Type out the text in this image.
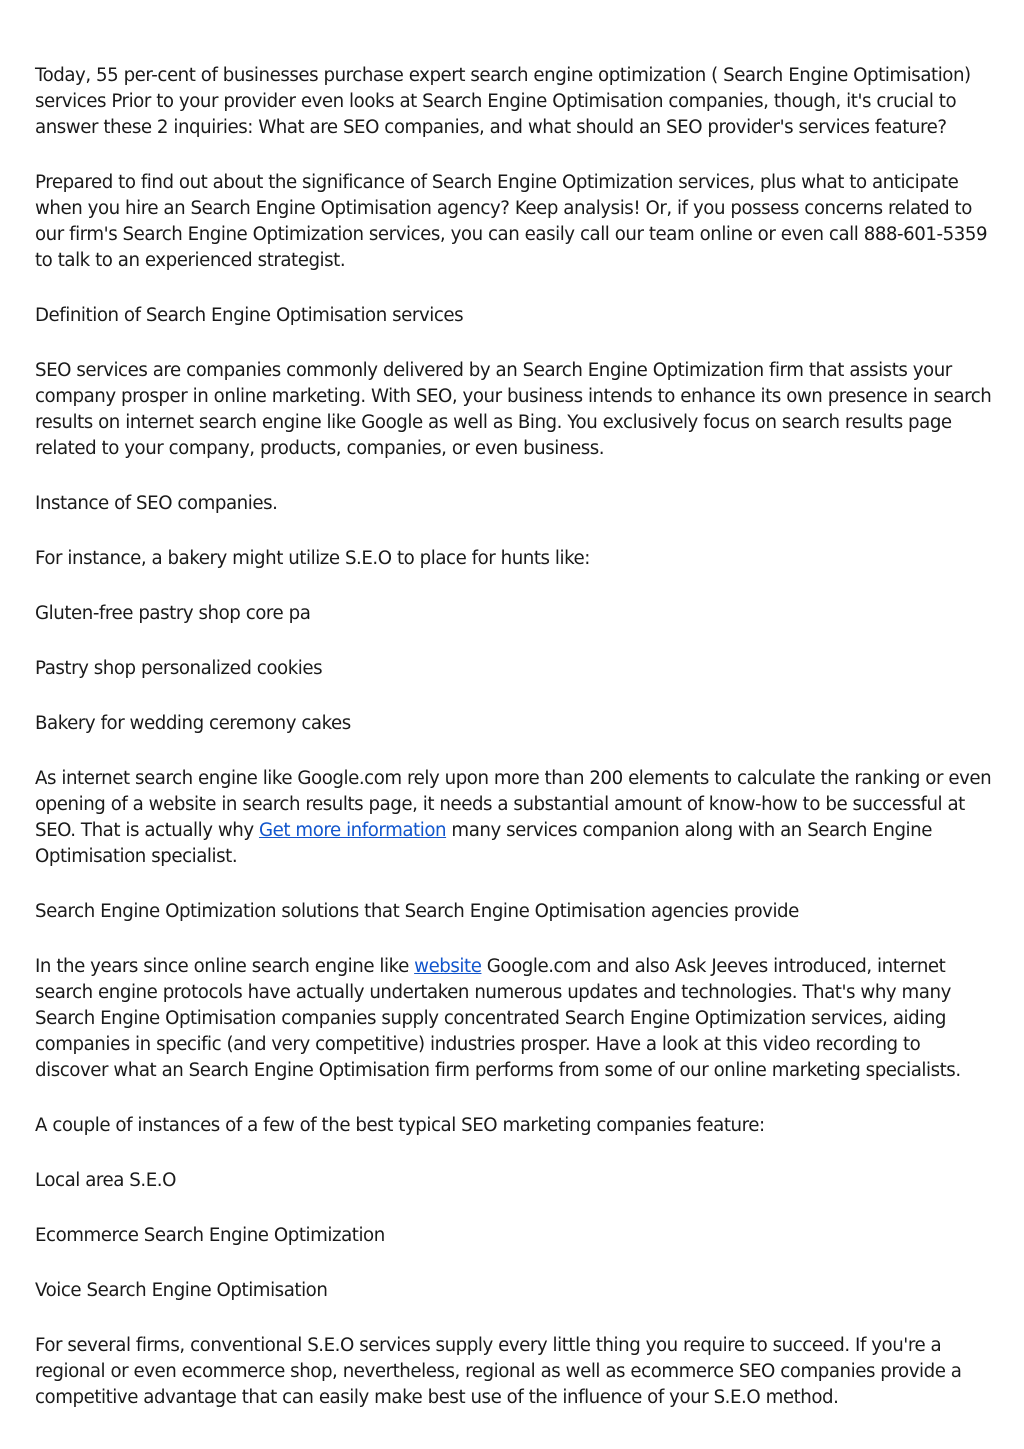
Today, 55 per-cent of businesses purchase expert search engine optimization ( Search Engine Optimisation) services Prior to your provider even looks at Search Engine Optimisation companies, though, it's crucial to answer these 2 inquiries: What are SEO companies, and what should an SEO provider's services feature?

Prepared to find out about the significance of Search Engine Optimization services, plus what to anticipate when you hire an Search Engine Optimisation agency? Keep analysis! Or, if you possess concerns related to our firm's Search Engine Optimization services, you can easily call our team online or even call 888-601-5359 to talk to an experienced strategist.

Definition of Search Engine Optimisation services

SEO services are companies commonly delivered by an Search Engine Optimization firm that assists your company prosper in online marketing. With SEO, your business intends to enhance its own presence in search results on internet search engine like Google as well as Bing. You exclusively focus on search results page related to your company, products, companies, or even business.

Instance of SEO companies.

For instance, a bakery might utilize S.E.O to place for hunts like:

Gluten-free pastry shop core pa

Pastry shop personalized cookies

Bakery for wedding ceremony cakes

As internet search engine like Google.com rely upon more than 200 elements to calculate the ranking or even opening of a website in search results page, it needs a substantial amount of know-how to be successful at SEO. That is actually why Get more information many services companion along with an Search Engine Optimisation specialist.

Search Engine Optimization solutions that Search Engine Optimisation agencies provide

In the years since online search engine like website Google.com and also Ask Jeeves introduced, internet search engine protocols have actually undertaken numerous updates and technologies. That's why many Search Engine Optimisation companies supply concentrated Search Engine Optimization services, aiding companies in specific (and very competitive) industries prosper. Have a look at this video recording to discover what an Search Engine Optimisation firm performs from some of our online marketing specialists.

A couple of instances of a few of the best typical SEO marketing companies feature:

Local area S.E.O

Ecommerce Search Engine Optimization

Voice Search Engine Optimisation

For several firms, conventional S.E.O services supply every little thing you require to succeed. If you're a regional or even ecommerce shop, nevertheless, regional as well as ecommerce SEO companies provide a competitive advantage that can easily make best use of the influence of your S.E.O method.
